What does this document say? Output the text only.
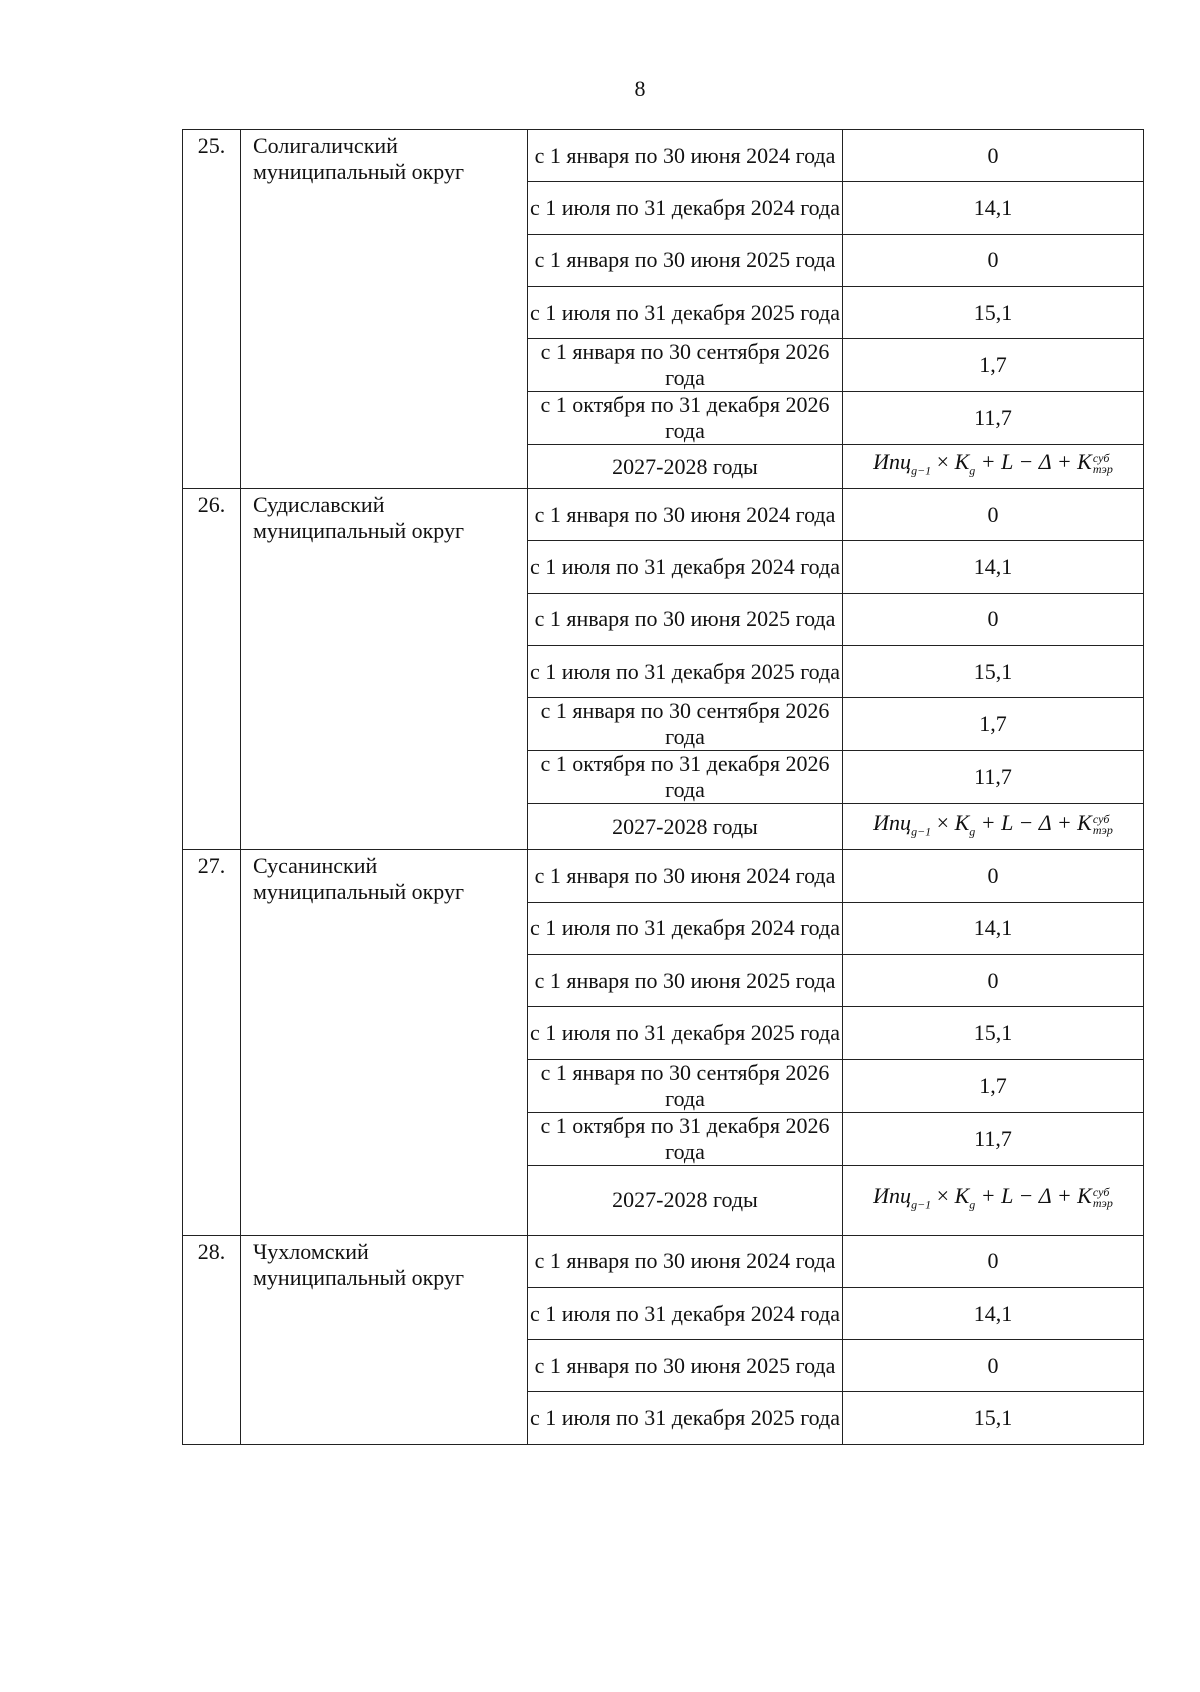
8
25.	Солигаличский муниципальный округ	с 1 января по 30 июня 2024 года	0
		с 1 июля по 31 декабря 2024 года	14,1
		с 1 января по 30 июня 2025 года	0
		с 1 июля по 31 декабря 2025 года	15,1
		с 1 января по 30 сентября 2026 года	1,7
		с 1 октября по 31 декабря 2026 года	11,7
		2027-2028 годы	$Ипц_{g-1} \times K_g + L - \Delta + K$ суб
тэр

26.	Судиславский муниципальный округ	с 1 января по 30 июня 2024 года	0
		с 1 июля по 31 декабря 2024 года	14,1
		с 1 января по 30 июня 2025 года	0
		с 1 июля по 31 декабря 2025 года	15,1
		с 1 января по 30 сентября 2026 года	1,7
		с 1 октября по 31 декабря 2026 года	11,7
		2027-2028 годы	$Ипц_{g-1} \times K_g + L - \Delta + K$ суб
тэр

27.	Сусанинский муниципальный округ	с 1 января по 30 июня 2024 года	0
		с 1 июля по 31 декабря 2024 года	14,1
		с 1 января по 30 июня 2025 года	0
		с 1 июля по 31 декабря 2025 года	15,1
		с 1 января по 30 сентября 2026 года	1,7
		с 1 октября по 31 декабря 2026 года	11,7
		2027-2028 годы	$Ипц_{g-1} \times K_g + L - \Delta + K$ суб
тэр

28.	Чухломский муниципальный округ	с 1 января по 30 июня 2024 года	0
		с 1 июля по 31 декабря 2024 года	14,1
		с 1 января по 30 июня 2025 года	0
		с 1 июля по 31 декабря 2025 года	15,1
